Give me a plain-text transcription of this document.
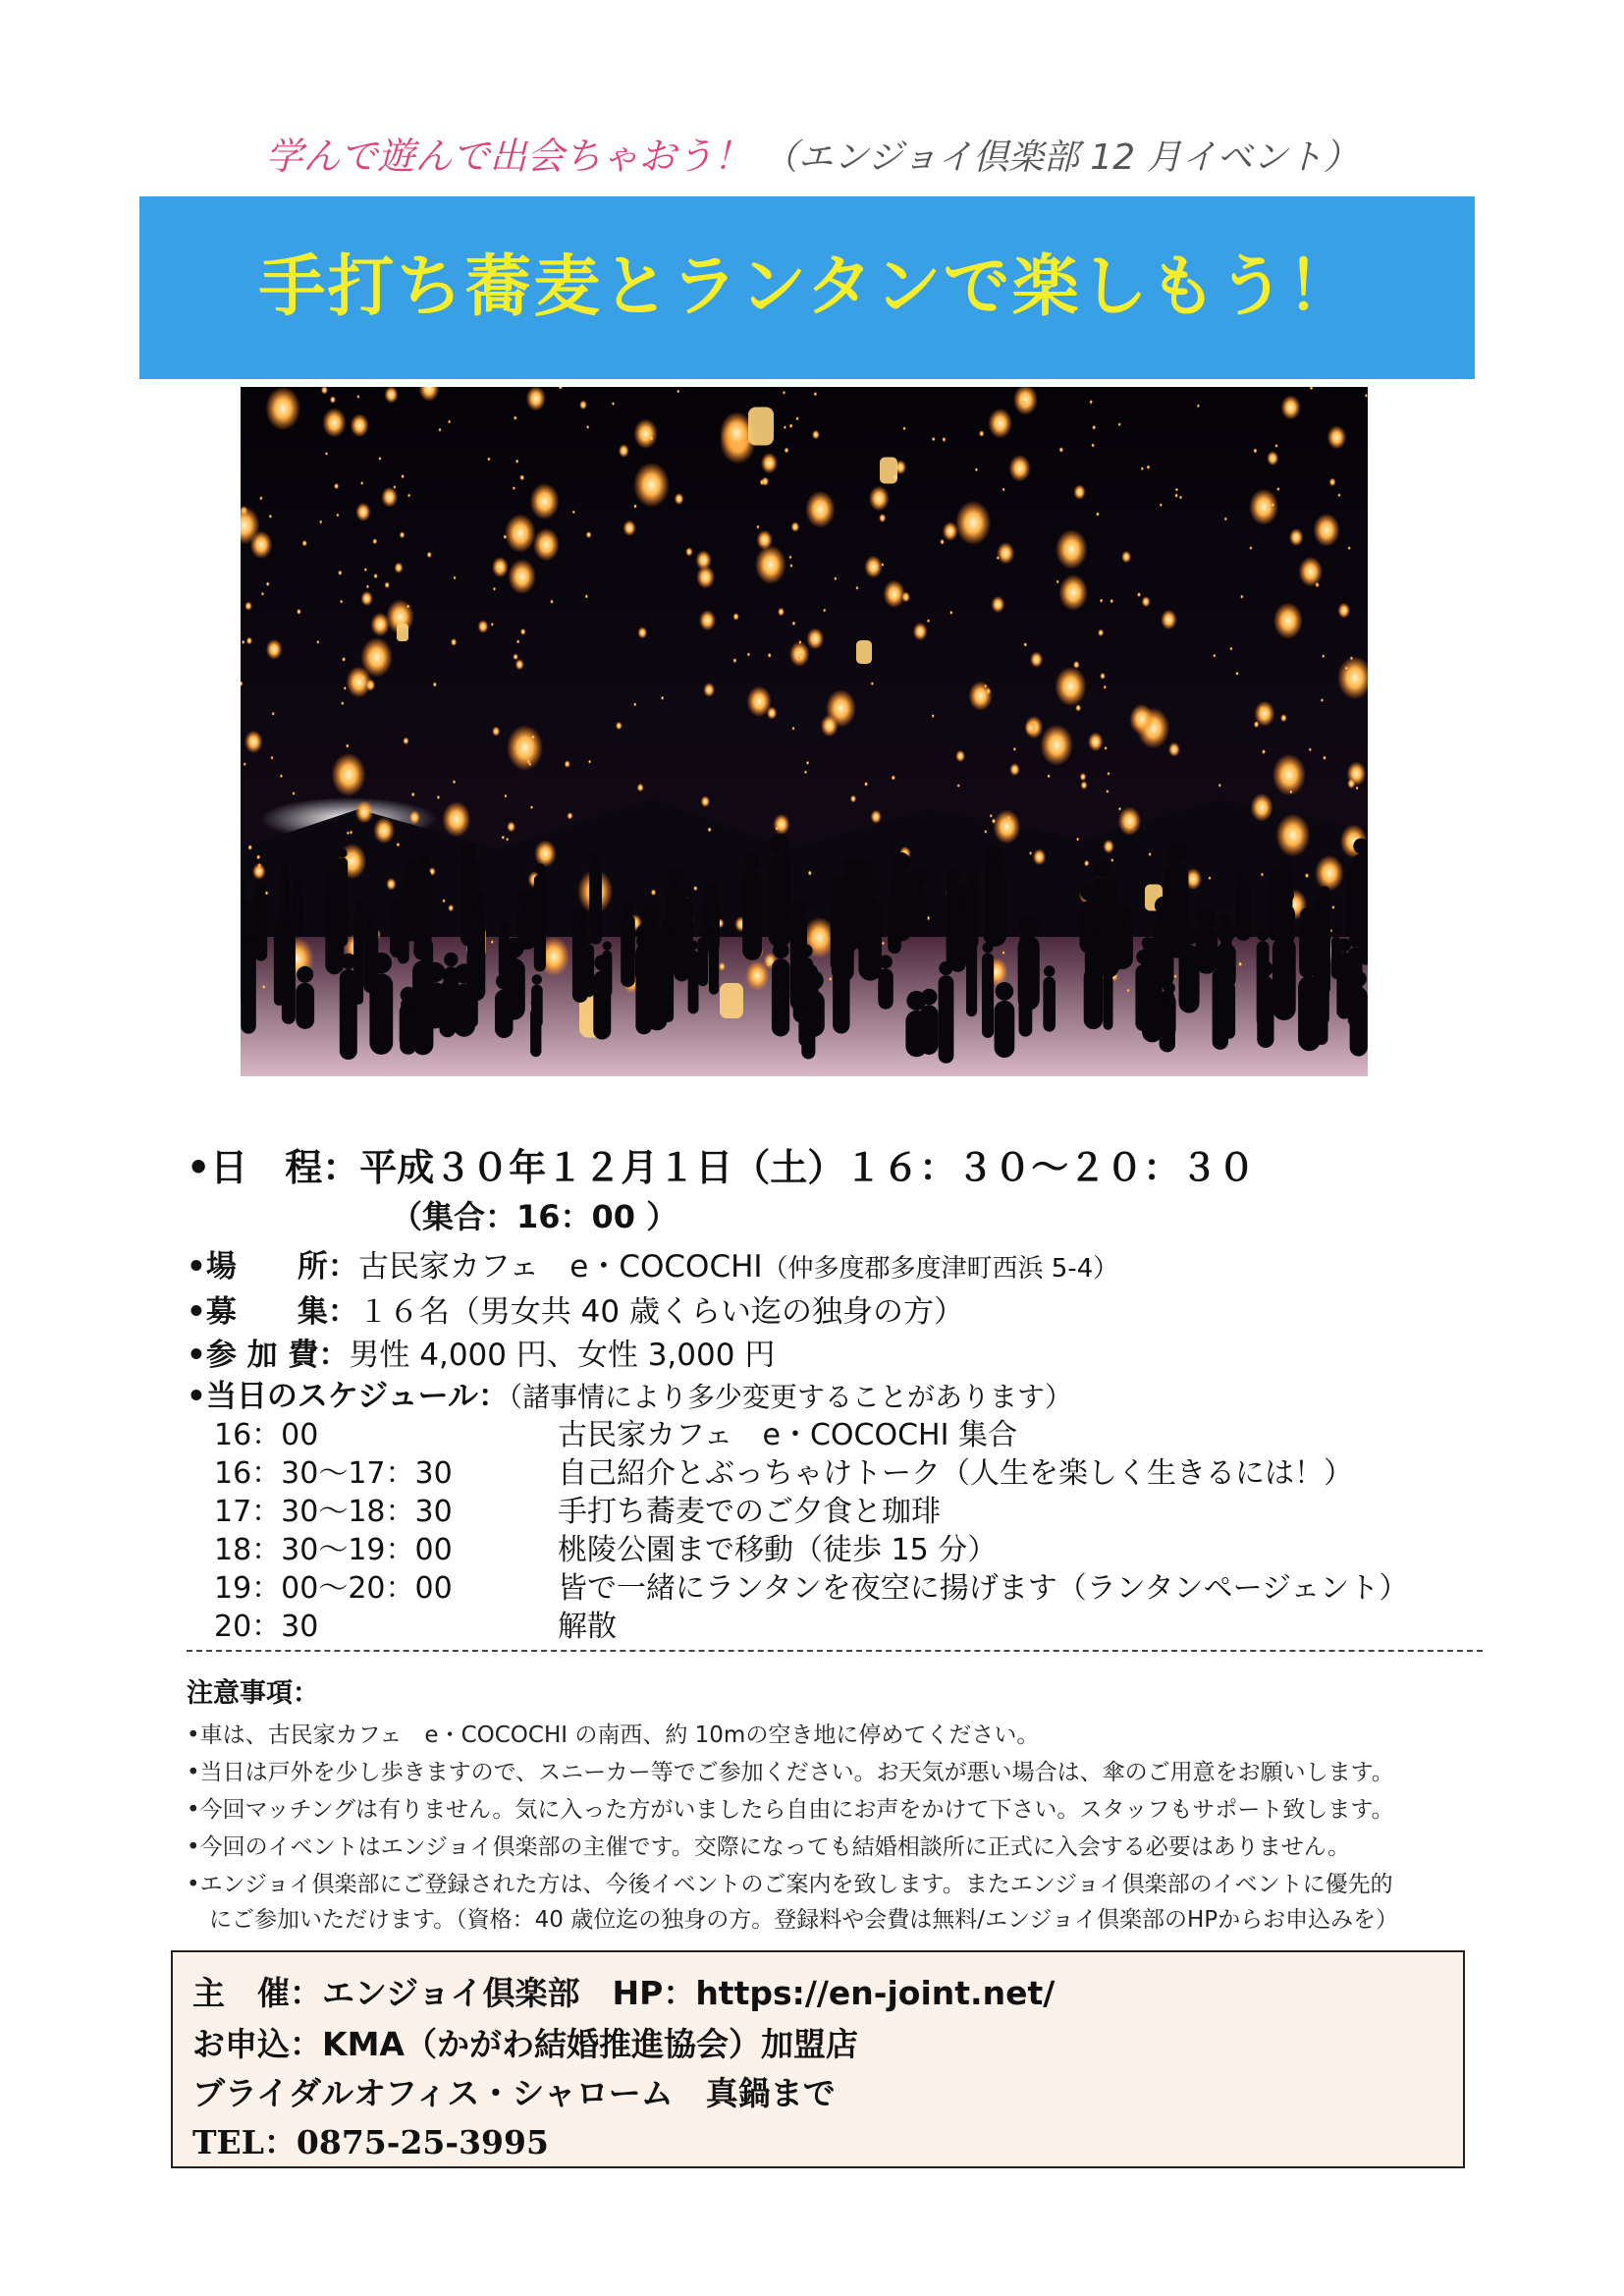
学んで遊んで出会ちゃおう！ （エンジョイ倶楽部 12 月イベント）
手打ち蕎麦とランタンで楽しもう！
•日　程：平成３０年１２月１日（土）１６：３０～２０：３０
（集合：16：00 ）
•場　　所：古民家カフェ　e・COCOCHI（仲多度郡多度津町西浜 5-4）
•募　　集：１６名（男女共 40 歳くらい迄の独身の方）
•参 加 費：男性 4,000 円、女性 3,000 円
•当日のスケジュール：（諸事情により多少変更することがあります）
16：00	古民家カフェ　e・COCOCHI 集合
16：30～17：30	自己紹介とぶっちゃけトーク（人生を楽しく生きるには！）
17：30～18：30	手打ち蕎麦でのご夕食と珈琲
18：30～19：00	桃陵公園まで移動（徒歩 15 分）
19：00～20：00	皆で一緒にランタンを夜空に揚げます（ランタンページェント）
20：30	解散
注意事項：
•車は、古民家カフェ　e・COCOCHI の南西、約 10mの空き地に停めてください。
•当日は戸外を少し歩きますので、スニーカー等でご参加ください。お天気が悪い場合は、傘のご用意をお願いします。
•今回マッチングは有りません。気に入った方がいましたら自由にお声をかけて下さい。スタッフもサポート致します。
•今回のイベントはエンジョイ倶楽部の主催です。交際になっても結婚相談所に正式に入会する必要はありません。
•エンジョイ倶楽部にご登録された方は、今後イベントのご案内を致します。またエンジョイ倶楽部のイベントに優先的
　にご参加いただけます。（資格：40 歳位迄の独身の方。登録料や会費は無料/エンジョイ倶楽部のHPからお申込みを）
主　催：エンジョイ倶楽部　HP：https://en-joint.net/
お申込：KMA（かがわ結婚推進協会）加盟店
ブライダルオフィス・シャローム　真鍋まで
TEL：0875-25-3995
